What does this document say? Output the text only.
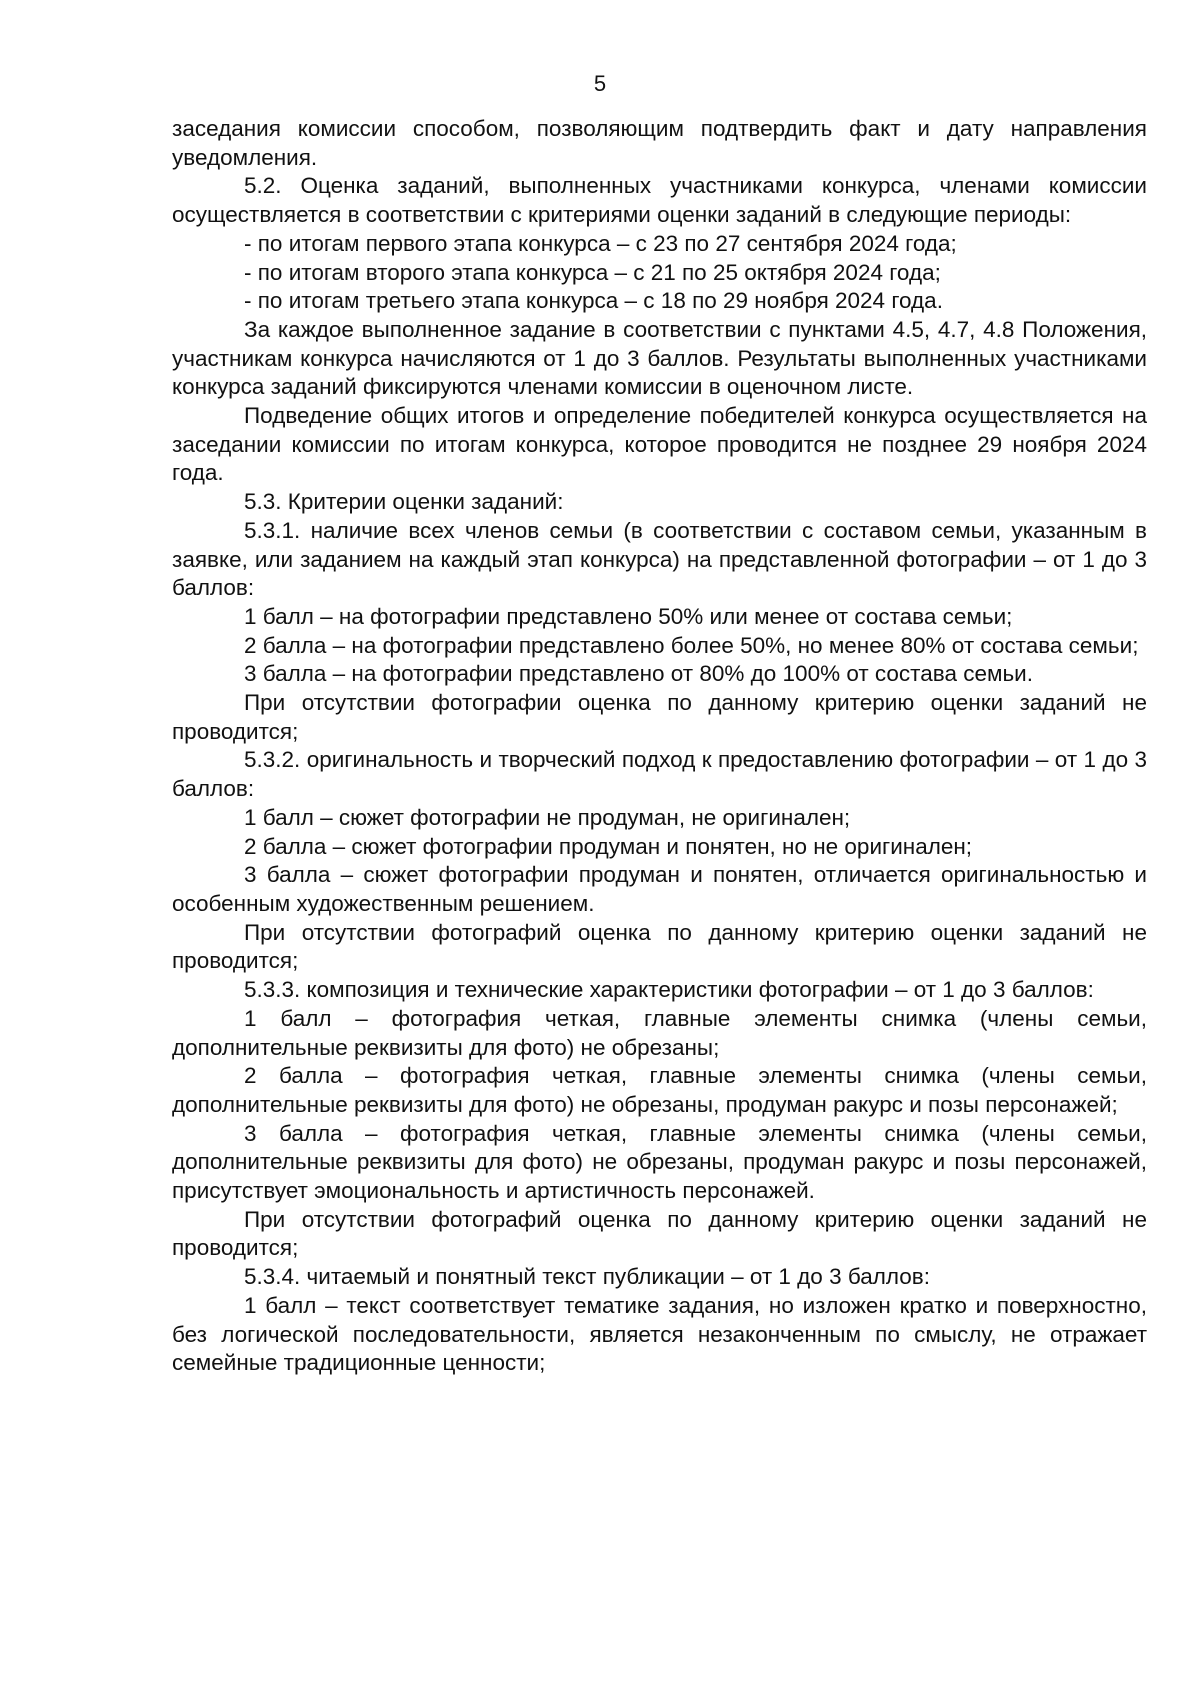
5

заседания комиссии способом, позволяющим подтвердить факт и дату направления уведомления.

5.2. Оценка заданий, выполненных участниками конкурса, членами комиссии осуществляется в соответствии с критериями оценки заданий в следующие периоды:

- по итогам первого этапа конкурса – с 23 по 27 сентября 2024 года;

- по итогам второго этапа конкурса – с 21 по 25 октября 2024 года;

- по итогам третьего этапа конкурса – с 18 по 29 ноября 2024 года.

За каждое выполненное задание в соответствии с пунктами 4.5, 4.7, 4.8 Положения, участникам конкурса начисляются от 1 до 3 баллов. Результаты выполненных участниками конкурса заданий фиксируются членами комиссии в оценочном листе.

Подведение общих итогов и определение победителей конкурса осуществляется на заседании комиссии по итогам конкурса, которое проводится не позднее 29 ноября 2024 года.

5.3. Критерии оценки заданий:

5.3.1. наличие всех членов семьи (в соответствии с составом семьи, указанным в заявке, или заданием на каждый этап конкурса) на представленной фотографии – от 1 до 3 баллов:

1 балл – на фотографии представлено 50% или менее от состава семьи;

2 балла – на фотографии представлено более 50%, но менее 80% от состава семьи;

3 балла – на фотографии представлено от 80% до 100% от состава семьи.

При отсутствии фотографии оценка по данному критерию оценки заданий не проводится;

5.3.2. оригинальность и творческий подход к предоставлению фотографии – от 1 до 3 баллов:

1 балл – сюжет фотографии не продуман, не оригинален;

2 балла – сюжет фотографии продуман и понятен, но не оригинален;

3 балла – сюжет фотографии продуман и понятен, отличается оригинальностью и особенным художественным решением.

При отсутствии фотографий оценка по данному критерию оценки заданий не проводится;

5.3.3. композиция и технические характеристики фотографии – от 1 до 3 баллов:

1 балл – фотография четкая, главные элементы снимка (члены семьи, дополнительные реквизиты для фото) не обрезаны;

2 балла – фотография четкая, главные элементы снимка (члены семьи, дополнительные реквизиты для фото) не обрезаны, продуман ракурс и позы персонажей;

3 балла – фотография четкая, главные элементы снимка (члены семьи, дополнительные реквизиты для фото) не обрезаны, продуман ракурс и позы персонажей, присутствует эмоциональность и артистичность персонажей.

При отсутствии фотографий оценка по данному критерию оценки заданий не проводится;

5.3.4. читаемый и понятный текст публикации – от 1 до 3 баллов:

1 балл – текст соответствует тематике задания, но изложен кратко и поверхностно, без логической последовательности, является незаконченным по смыслу, не отражает семейные традиционные ценности;
